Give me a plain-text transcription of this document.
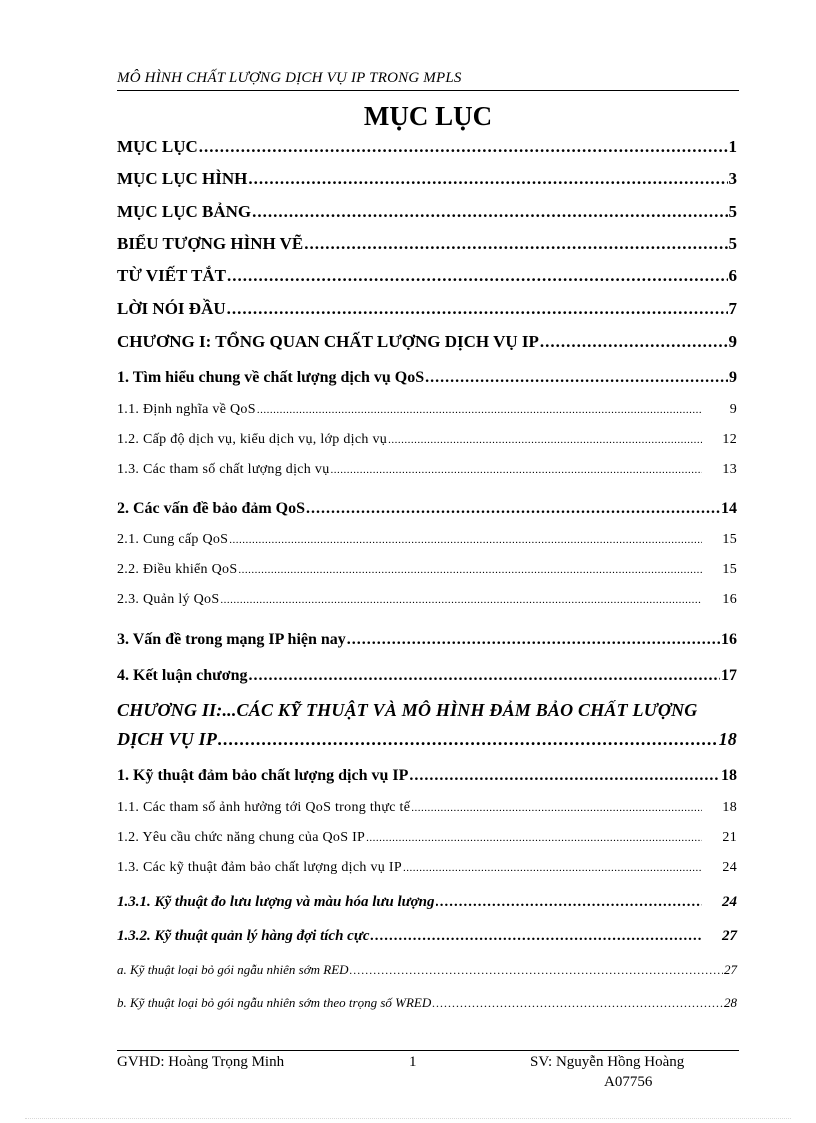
MÔ HÌNH CHẤT LƯỢNG DỊCH VỤ IP TRONG MPLS
MỤC LỤC
MỤC LỤC .....	1
MỤC LỤC HÌNH .....	3
MỤC LỤC BẢNG .....	5
BIỂU TƯỢNG HÌNH VẼ .....	5
TỪ VIẾT TẮT .....	6
LỜI NÓI ĐẦU .....	7
CHƯƠNG I: TỔNG QUAN CHẤT LƯỢNG DỊCH VỤ IP .....	9
1. Tìm hiểu chung về chất lượng dịch vụ QoS .....	9
1.1. Định nghĩa về QoS .....	9
1.2. Cấp độ dịch vụ, kiểu dịch vụ, lớp dịch vụ .....	12
1.3. Các tham số chất lượng dịch vụ .....	13
2. Các vấn đề bảo đảm QoS .....	14
2.1. Cung cấp QoS .....	15
2.2. Điều khiển QoS .....	15
2.3. Quản lý QoS .....	16
3. Vấn đề trong mạng IP hiện nay .....	16
4. Kết luận chương .....	17
CHƯƠNG II:...CÁC KỸ THUẬT VÀ MÔ HÌNH ĐẢM BẢO CHẤT LƯỢNG
DỊCH VỤ IP .....	18
1. Kỹ thuật đảm bảo chất lượng dịch vụ IP .....	18
1.1. Các tham số ảnh hưởng tới QoS trong thực tế .....	18
1.2. Yêu cầu chức năng chung của QoS IP .....	21
1.3. Các kỹ thuật đảm bảo chất lượng dịch vụ IP .....	24
1.3.1. Kỹ thuật đo lưu lượng và màu hóa lưu lượng .....	24
1.3.2. Kỹ thuật quản lý hàng đợi tích cực .....	27
a. Kỹ thuật loại bỏ gói ngẫu nhiên sớm RED .....	27
b. Kỹ thuật loại bỏ gói ngẫu nhiên sớm theo trọng số WRED .....	28
GVHD: Hoàng Trọng Minh	1	SV: Nguyễn Hồng Hoàng
A07756
